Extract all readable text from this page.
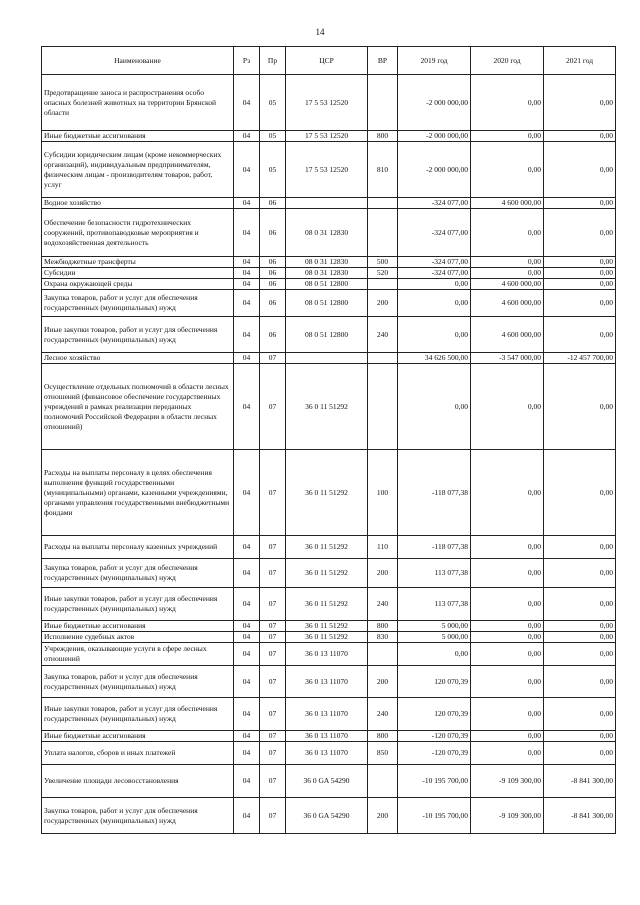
14
Наименование	Рз	Пр	ЦСР	ВР	2019 год	2020 год	2021 год
Предотвращение заноса и распространения особо опасных болезней животных на территории Брянской области	04	05	17 5 53 12520		-2 000 000,00	0,00	0,00
Иные бюджетные ассигнования	04	05	17 5 53 12520	800	-2 000 000,00	0,00	0,00
Субсидии юридическим лицам (кроме некоммерческих организаций), индивидуальным предпринимателям, физическим лицам - производителям товаров, работ, услуг	04	05	17 5 53 12520	810	-2 000 000,00	0,00	0,00
Водное хозяйство	04	06			-324 077,00	4 600 000,00	0,00
Обеспечение безопасности гидротехнических сооружений, противопаводковые мероприятия и водохозяйственная деятельность	04	06	08 0 31 12830		-324 077,00	0,00	0,00
Межбюджетные трансферты	04	06	08 0 31 12830	500	-324 077,00	0,00	0,00
Субсидии	04	06	08 0 31 12830	520	-324 077,00	0,00	0,00
Охрана окружающей среды	04	06	08 0 51 12800		0,00	4 600 000,00	0,00
Закупка товаров, работ и услуг для обеспечения государственных (муниципальных) нужд	04	06	08 0 51 12800	200	0,00	4 600 000,00	0,00
Иные закупки товаров, работ и услуг для обеспечения государственных (муниципальных) нужд	04	06	08 0 51 12800	240	0,00	4 600 000,00	0,00
Лесное хозяйство	04	07			34 626 500,00	-3 547 000,00	-12 457 700,00
Осуществление отдельных полномочий в области лесных отношений (финансовое обеспечение государственных учреждений в рамках реализации переданных полномочий Российской Федерации в области лесных отношений)	04	07	36 0 11 51292		0,00	0,00	0,00
Расходы на выплаты персоналу в целях обеспечения выполнения функций государственными (муниципальными) органами, казенными учреждениями, органами управления государственными внебюджетными фондами	04	07	36 0 11 51292	100	-118 077,38	0,00	0,00
Расходы на выплаты персоналу казенных учреждений	04	07	36 0 11 51292	110	-118 077,38	0,00	0,00
Закупка товаров, работ и услуг для обеспечения государственных (муниципальных) нужд	04	07	36 0 11 51292	200	113 077,38	0,00	0,00
Иные закупки товаров, работ и услуг для обеспечения государственных (муниципальных) нужд	04	07	36 0 11 51292	240	113 077,38	0,00	0,00
Иные бюджетные ассигнования	04	07	36 0 11 51292	800	5 000,00	0,00	0,00
Исполнение судебных актов	04	07	36 0 11 51292	830	5 000,00	0,00	0,00
Учреждения, оказывающие услуги в сфере лесных отношений	04	07	36 0 13 11070		0,00	0,00	0,00
Закупка товаров, работ и услуг для обеспечения государственных (муниципальных) нужд	04	07	36 0 13 11070	200	120 070,39	0,00	0,00
Иные закупки товаров, работ и услуг для обеспечения государственных (муниципальных) нужд	04	07	36 0 13 11070	240	120 070,39	0,00	0,00
Иные бюджетные ассигнования	04	07	36 0 13 11070	800	-120 070,39	0,00	0,00
Уплата налогов, сборов и иных платежей	04	07	36 0 13 11070	850	-120 070,39	0,00	0,00
Увеличение площади лесовосстановления	04	07	36 0 GA 54290		-10 195 700,00	-9 109 300,00	-8 841 300,00
Закупка товаров, работ и услуг для обеспечения государственных (муниципальных) нужд	04	07	36 0 GA 54290	200	-10 195 700,00	-9 109 300,00	-8 841 300,00
